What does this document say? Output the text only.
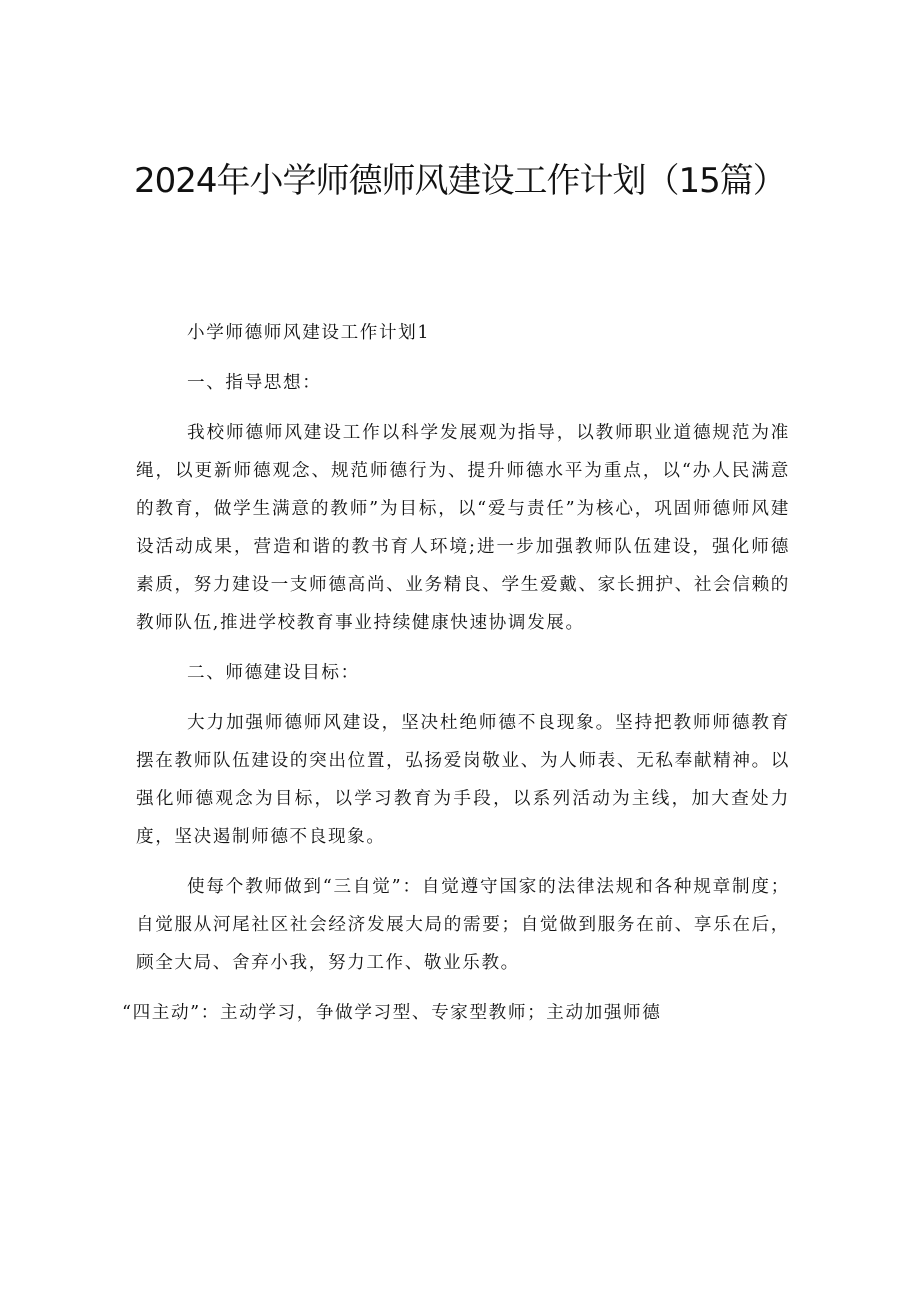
2024年小学师德师风建设工作计划（15篇）

小学师德师风建设工作计划1

一、指导思想：

我校师德师风建设工作以科学发展观为指导，以教师职业道德规范为准绳，以更新师德观念、规范师德行为、提升师德水平为重点，以“办人民满意的教育，做学生满意的教师”为目标，以“爱与责任”为核心，巩固师德师风建设活动成果，营造和谐的教书育人环境;进一步加强教师队伍建设，强化师德素质，努力建设一支师德高尚、业务精良、学生爱戴、家长拥护、社会信赖的教师队伍,推进学校教育事业持续健康快速协调发展。

二、师德建设目标：

大力加强师德师风建设，坚决杜绝师德不良现象。坚持把教师师德教育摆在教师队伍建设的突出位置，弘扬爱岗敬业、为人师表、无私奉献精神。以强化师德观念为目标，以学习教育为手段，以系列活动为主线，加大查处力度，坚决遏制师德不良现象。

使每个教师做到“三自觉”：自觉遵守国家的法律法规和各种规章制度；自觉服从河尾社区社会经济发展大局的需要；自觉做到服务在前、享乐在后，顾全大局、舍弃小我，努力工作、敬业乐教。

“四主动”：主动学习，争做学习型、专家型教师；主动加强师德
